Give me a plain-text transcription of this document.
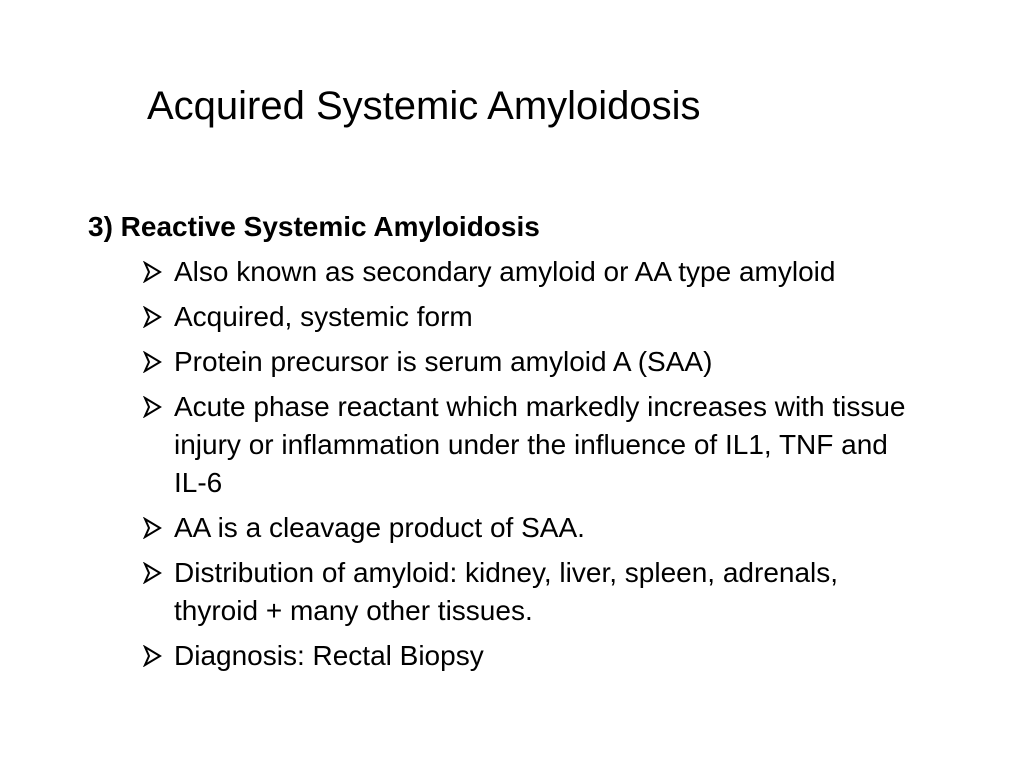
Acquired Systemic Amyloidosis
3) Reactive Systemic Amyloidosis
Also known as secondary amyloid or AA type amyloid
Acquired, systemic form
Protein precursor is serum amyloid A (SAA)
Acute phase reactant which markedly increases with tissue injury or inflammation under the influence of IL1, TNF and IL-6
AA is a cleavage product of SAA.
Distribution of amyloid: kidney, liver, spleen, adrenals, thyroid + many other tissues.
Diagnosis: Rectal Biopsy
